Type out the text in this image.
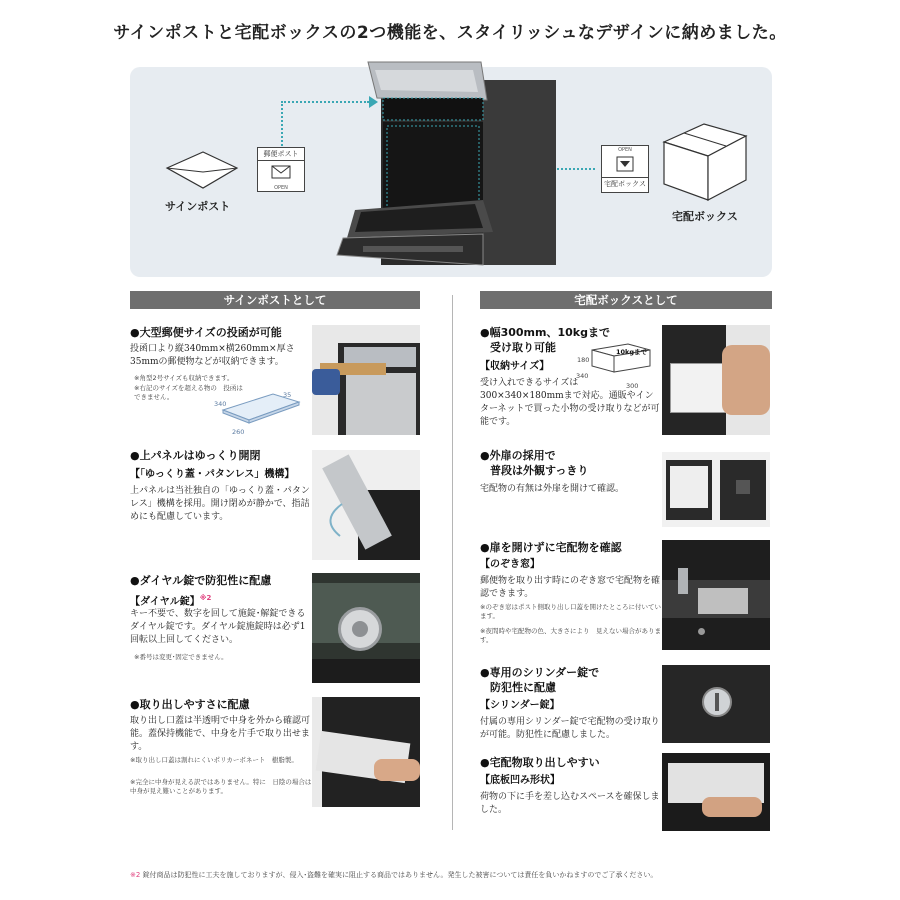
サインポストと宅配ボックスの2つ機能を、スタイリッシュなデザインに納めました。
サインポスト
郵便ポスト
OPEN
OPEN
宅配ボックス
宅配ボックス
サインポストとして	宅配ボックスとして
●大型郵便サイズの投函が可能
投函口より縦340mm×横260mm×厚さ35mmの郵便物などが収納できます。
※角型2号サイズも収納できます。
※右記のサイズを超える物の　投函はできません。
340
35
260
●上パネルはゆっくり開閉
【「ゆっくり蓋・パタンレス」機構】
上パネルは当社独自の「ゆっくり蓋・パタンレス」機構を採用。開け閉めが静かで、指詰めにも配慮しています。
●ダイヤル錠で防犯性に配慮
【ダイヤル錠】$^{※2}$
キー不要で、数字を回して施錠･解錠できるダイヤル錠です。ダイヤル錠施錠時は必ず1回転以上回してください。
※番号は変更･固定できません。
●取り出しやすさに配慮
取り出し口蓋は半透明で中身を外から確認可能。蓋保持機能で、中身を片手で取り出せます。
※取り出し口蓋は割れにくいポリカーボネート　樹脂製。
※完全に中身が見える訳ではありません。特に　日陰の場合は中身が見え難いことがあります。
●幅300mm、10kgまで
受け取り可能
【収納サイズ】
受け入れできるサイズは300×340×180mmまで対応。通販やインターネットで買った小物の受け取りなどが可能です。
10kgまで
180
340
300
●外扉の採用で
普段は外観すっきり
宅配物の有無は外扉を開けて確認。
●扉を開けずに宅配物を確認
【のぞき窓】
郵便物を取り出す時にのぞき窓で宅配物を確認できます。
※のぞき窓はポスト側取り出し口蓋を開けたところに付いています。
※夜間時や宅配物の色、大きさにより　見えない場合があります。
●専用のシリンダー錠で
防犯性に配慮
【シリンダー錠】
付属の専用シリンダー錠で宅配物の受け取りが可能。防犯性に配慮しました。
●宅配物取り出しやすい
【底板凹み形状】
荷物の下に手を差し込むスペースを確保しました。
※2 錠付商品は防犯性に工夫を施しておりますが、侵入･盗難を確実に阻止する商品ではありません。発生した被害については責任を負いかねますのでご了承ください。
